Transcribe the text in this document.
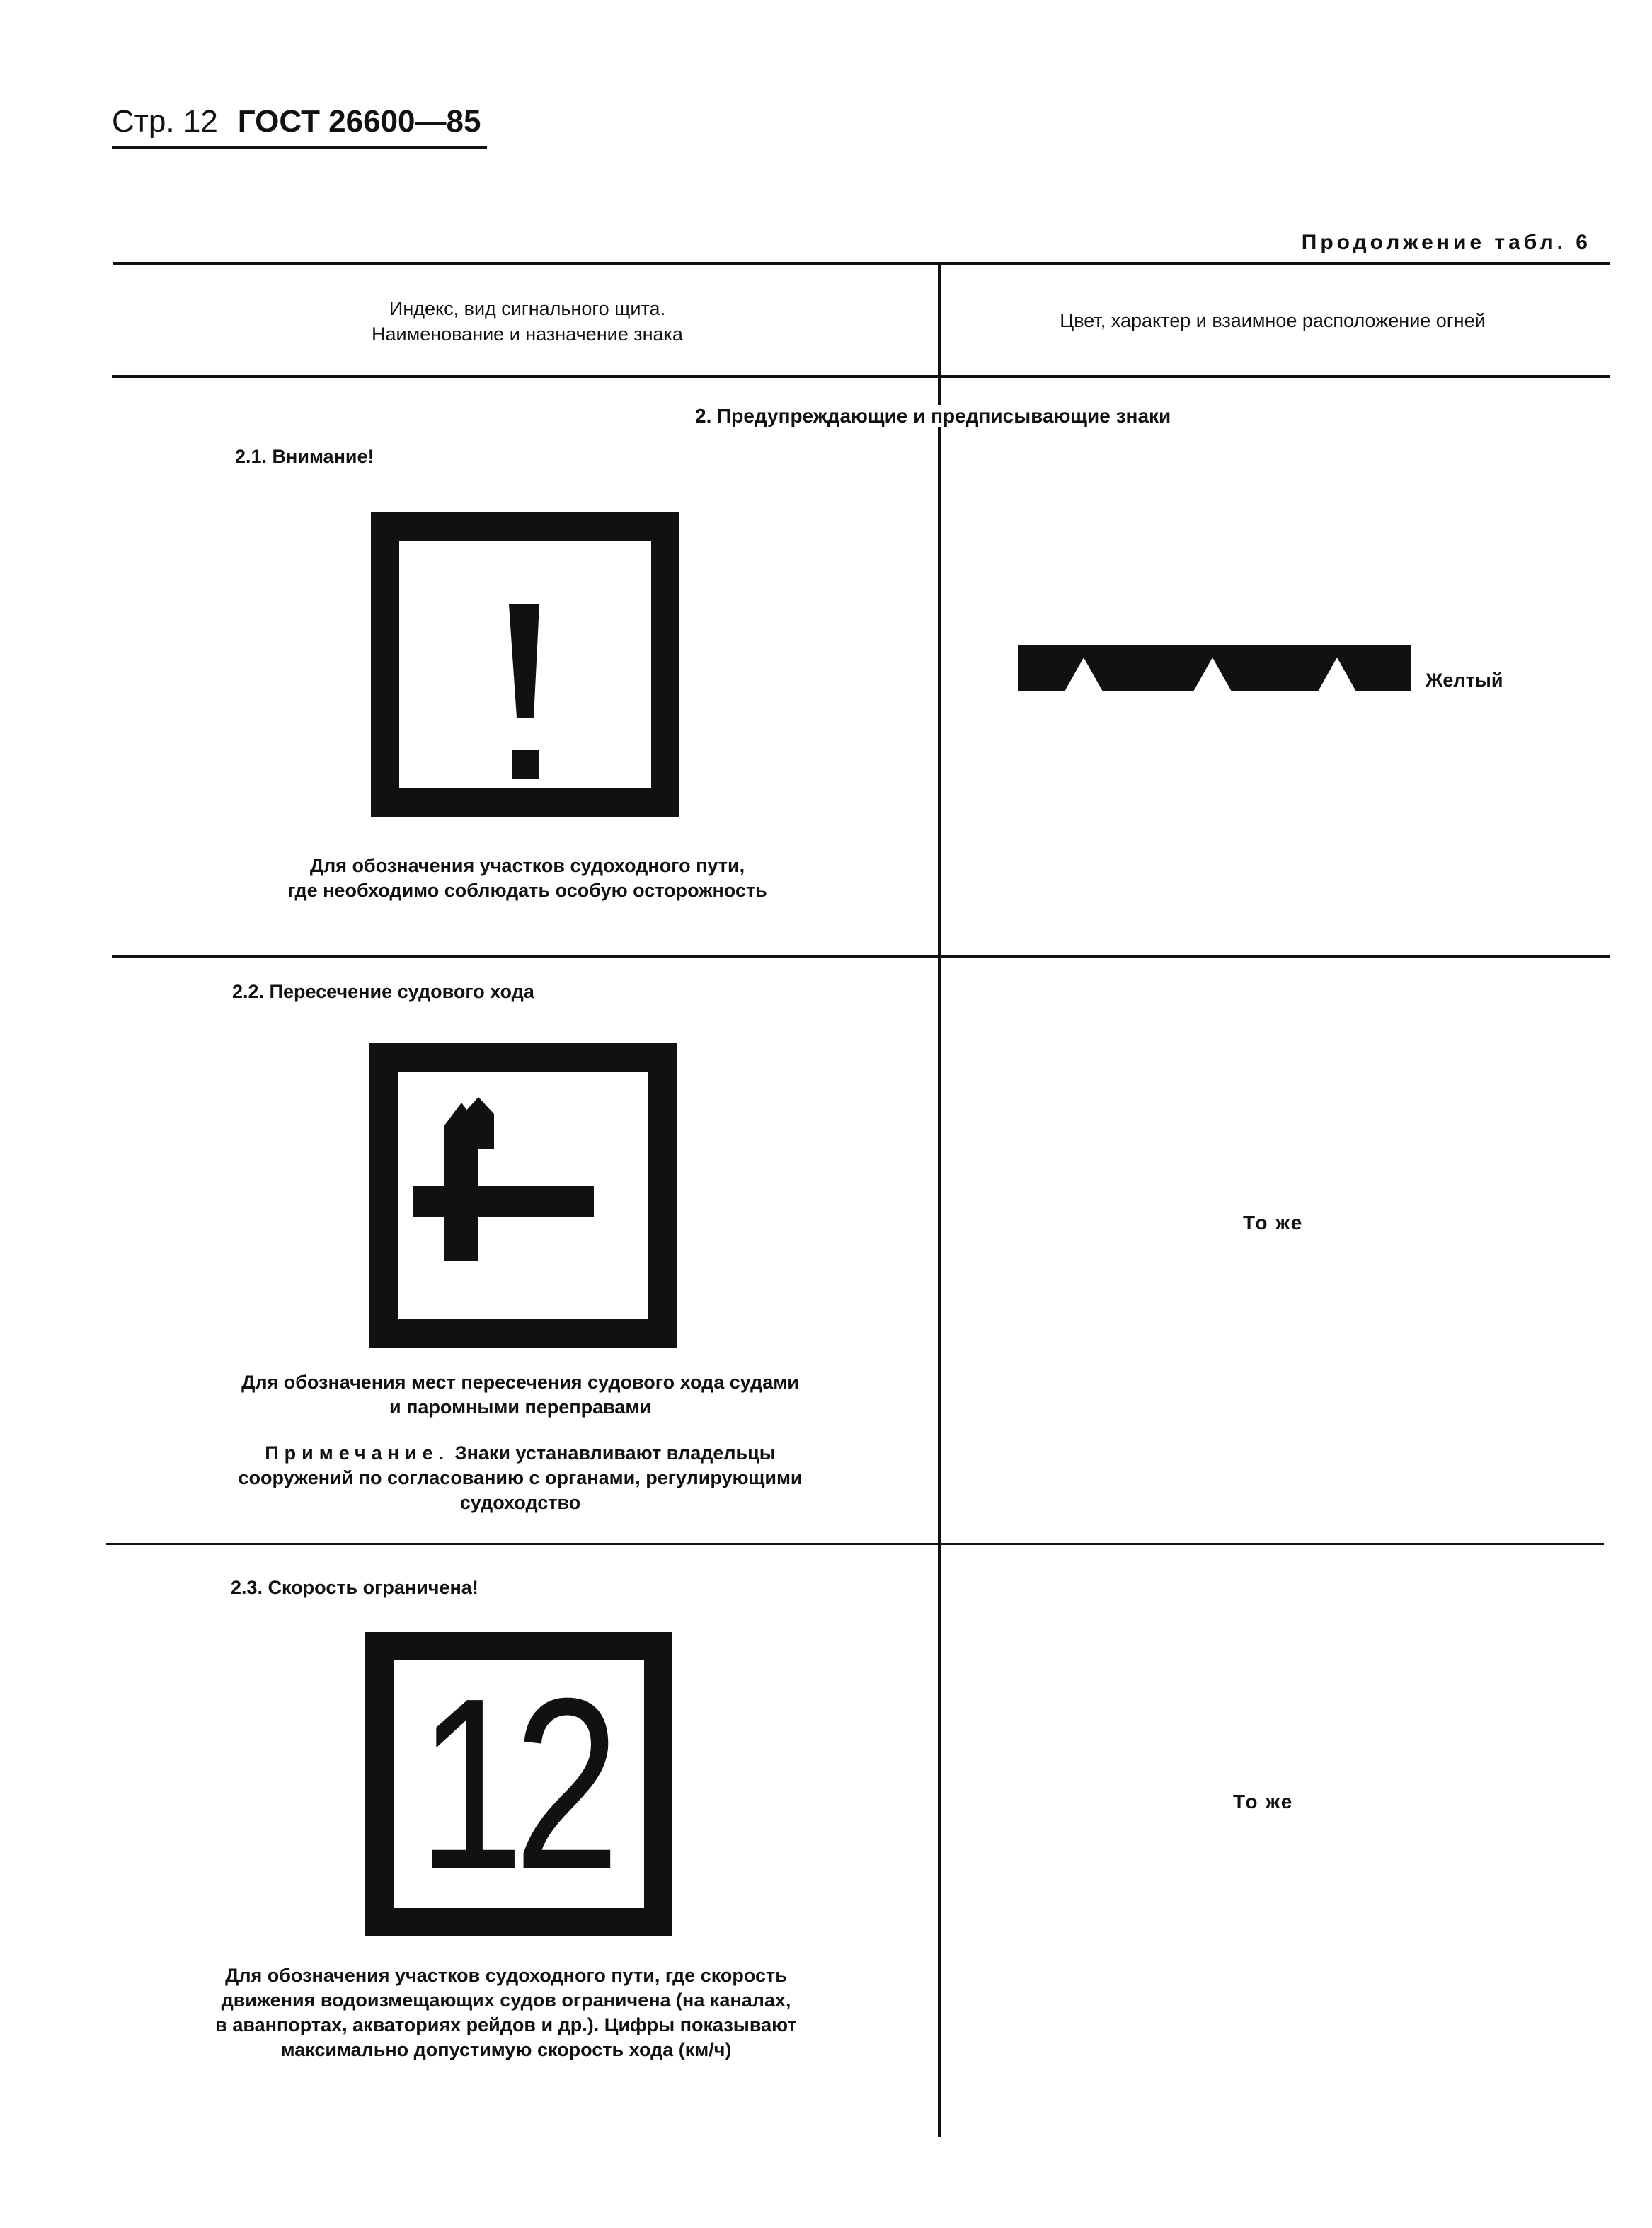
Стр. 12 ГОСТ 26600—85
Продолжение табл. 6
Индекс, вид сигнального щита.
Наименование и назначение знака
Цвет, характер и взаимное расположение огней
2. Предупреждающие и предписывающие знаки
2.1. Внимание!
Для обозначения участков судоходного пути,
где необходимо соблюдать особую осторожность
Желтый
2.2. Пересечение судового хода
Для обозначения мест пересечения судового хода судами
и паромными переправами
Примечание. Знаки устанавливают владельцы
сооружений по согласованию с органами, регулирующими
судоходство
То же
2.3. Скорость ограничена!
12
Для обозначения участков судоходного пути, где скорость
движения водоизмещающих судов ограничена (на каналах,
в аванпортах, акваториях рейдов и др.). Цифры показывают
максимально допустимую скорость хода (км/ч)
То же
